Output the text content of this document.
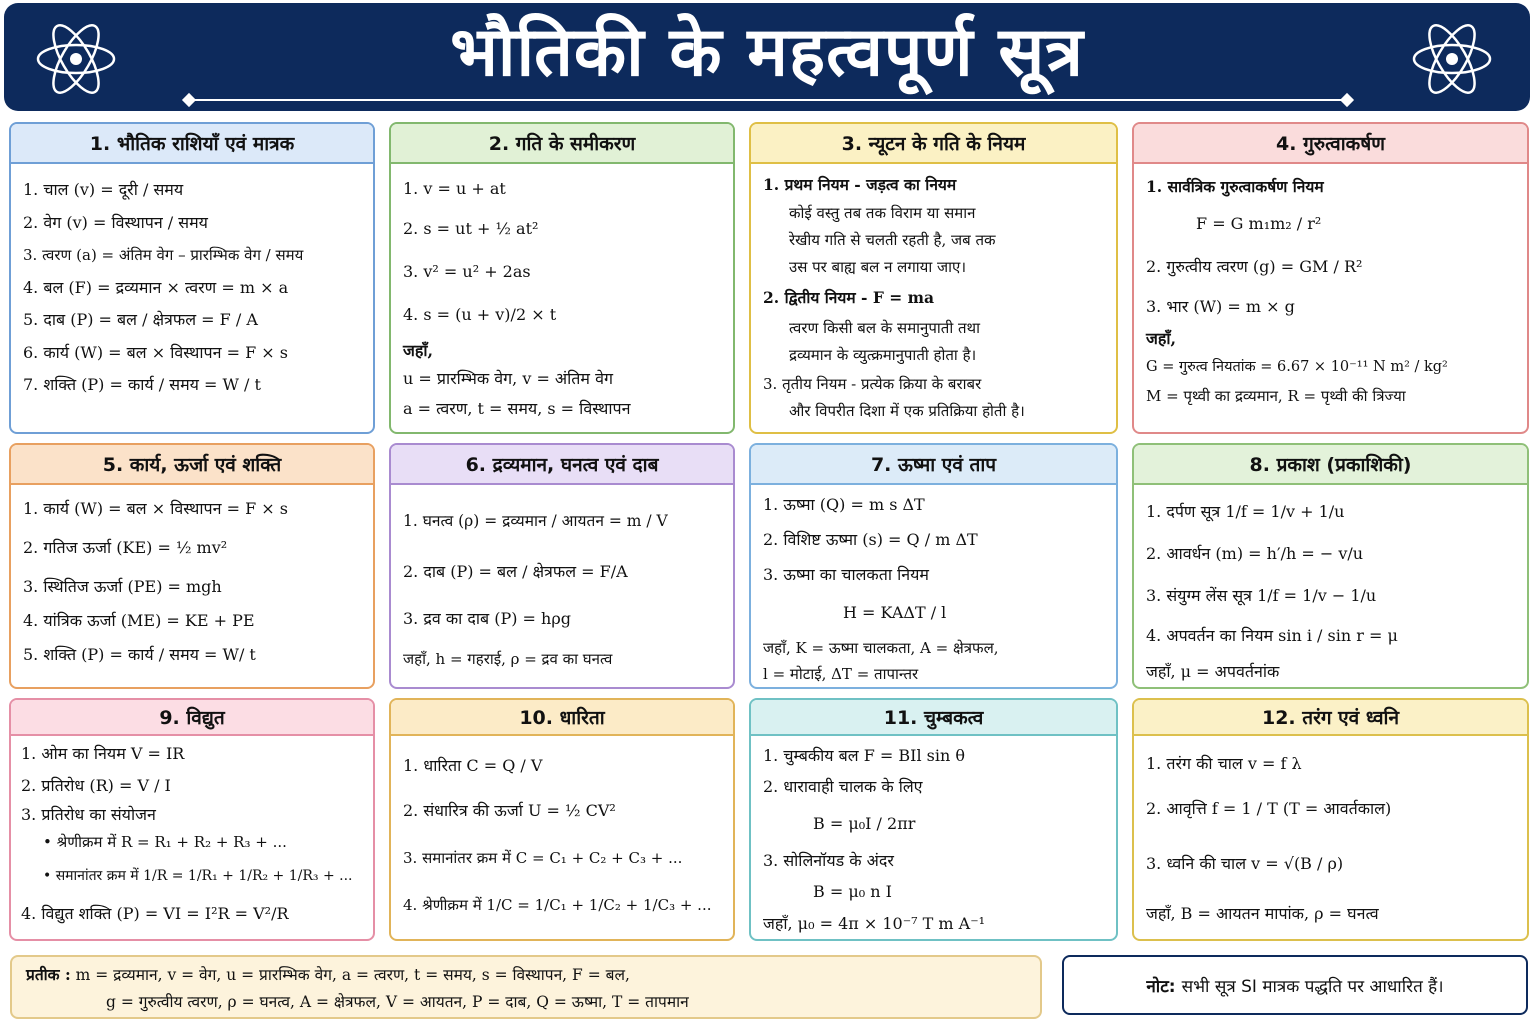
भौतिकी के महत्वपूर्ण सूत्र
1. भौतिक राशियाँ एवं मात्रक
1. चाल (v) = दूरी / समय
2. वेग (v) = विस्थापन / समय
3. त्वरण (a) = अंतिम वेग – प्रारम्भिक वेग / समय
4. बल (F) = द्रव्यमान × त्वरण = m × a
5. दाब (P) = बल / क्षेत्रफल = F / A
6. कार्य (W) = बल × विस्थापन = F × s
7. शक्ति (P) = कार्य / समय = W / t
2. गति के समीकरण
1. v = u + at
2. s = ut + ½ at²
3. v² = u² + 2as
4. s = (u + v)/2 × t
जहाँ,
u = प्रारम्भिक वेग, v = अंतिम वेग
a = त्वरण, t = समय, s = विस्थापन
3. न्यूटन के गति के नियम
1. प्रथम नियम - जड़त्व का नियम
कोई वस्तु तब तक विराम या समान
रेखीय गति से चलती रहती है, जब तक
उस पर बाह्य बल न लगाया जाए।
2. द्वितीय नियम - F = ma
त्वरण किसी बल के समानुपाती तथा
द्रव्यमान के व्युत्क्रमानुपाती होता है।
3. तृतीय नियम - प्रत्येक क्रिया के बराबर
और विपरीत दिशा में एक प्रतिक्रिया होती है।
4. गुरुत्वाकर्षण
1. सार्वत्रिक गुरुत्वाकर्षण नियम
F = G m₁m₂ / r²
2. गुरुत्वीय त्वरण (g) = GM / R²
3. भार (W) = m × g
जहाँ,
G = गुरुत्व नियतांक = 6.67 × 10⁻¹¹ N m² / kg²
M = पृथ्वी का द्रव्यमान, R = पृथ्वी की त्रिज्या
5. कार्य, ऊर्जा एवं शक्ति
1. कार्य (W) = बल × विस्थापन = F × s
2. गतिज ऊर्जा (KE) = ½ mv²
3. स्थितिज ऊर्जा (PE) = mgh
4. यांत्रिक ऊर्जा (ME) = KE + PE
5. शक्ति (P) = कार्य / समय = W/ t
6. द्रव्यमान, घनत्व एवं दाब
1. घनत्व (ρ) = द्रव्यमान / आयतन = m / V
2. दाब (P) = बल / क्षेत्रफल = F/A
3. द्रव का दाब (P) = hρg
जहाँ, h = गहराई, ρ = द्रव का घनत्व
7. ऊष्मा एवं ताप
1. ऊष्मा (Q) = m s ΔT
2. विशिष्ट ऊष्मा (s) = Q / m ΔT
3. ऊष्मा का चालकता नियम
H = KAΔT / l
जहाँ, K = ऊष्मा चालकता, A = क्षेत्रफल,
l = मोटाई, ΔT = तापान्तर
8. प्रकाश (प्रकाशिकी)
1. दर्पण सूत्र 1/f = 1/v + 1/u
2. आवर्धन (m) = h′/h = − v/u
3. संयुग्म लेंस सूत्र 1/f = 1/v − 1/u
4. अपवर्तन का नियम sin i / sin r = μ
जहाँ, μ = अपवर्तनांक
9. विद्युत
1. ओम का नियम V = IR
2. प्रतिरोध (R) = V / I
3. प्रतिरोध का संयोजन
• श्रेणीक्रम में R = R₁ + R₂ + R₃ + ...
• समानांतर क्रम में 1/R = 1/R₁ + 1/R₂ + 1/R₃ + ...
4. विद्युत शक्ति (P) = VI = I²R = V²/R
10. धारिता
1. धारिता C = Q / V
2. संधारित्र की ऊर्जा U = ½ CV²
3. समानांतर क्रम में C = C₁ + C₂ + C₃ + ...
4. श्रेणीक्रम में 1/C = 1/C₁ + 1/C₂ + 1/C₃ + ...
11. चुम्बकत्व
1. चुम्बकीय बल F = BIl sin θ
2. धारावाही चालक के लिए
B = μ₀I / 2πr
3. सोलिनॉयड के अंदर
B = μ₀ n I
जहाँ, μ₀ = 4π × 10⁻⁷ T m A⁻¹
12. तरंग एवं ध्वनि
1. तरंग की चाल v = f λ
2. आवृत्ति f = 1 / T (T = आवर्तकाल)
3. ध्वनि की चाल v = √(B / ρ)
जहाँ, B = आयतन मापांक, ρ = घनत्व
प्रतीक : m = द्रव्यमान, v = वेग, u = प्रारम्भिक वेग, a = त्वरण, t = समय, s = विस्थापन, F = बल,
g = गुरुत्वीय त्वरण, ρ = घनत्व, A = क्षेत्रफल, V = आयतन, P = दाब, Q = ऊष्मा, T = तापमान
नोट: सभी सूत्र SI मात्रक पद्धति पर आधारित हैं।
